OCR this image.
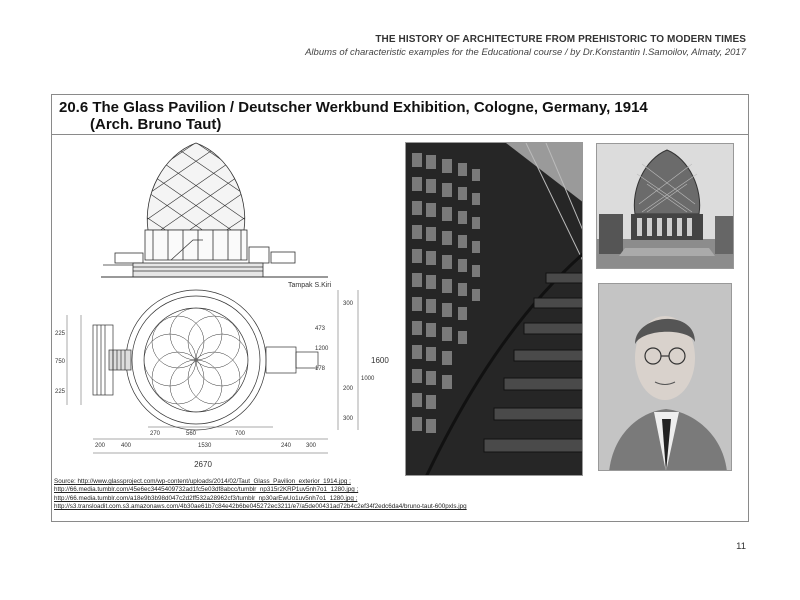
THE HISTORY OF ARCHITECTURE FROM PREHISTORIC TO MODERN TIMES
Albums of characteristic examples for the Educational course / by Dr.Konstantin I.Samoilov, Almaty, 2017
20.6 The Glass Pavilion / Deutscher Werkbund Exhibition, Cologne, Germany, 1914
(Arch. Bruno Taut)
Tampak S.Kiri
2670
1600
200	400
270	560	700
1530	240 300
300
300
1000
200
225
750
225
178
1200
473
Source: http://www.glassproject.com/wp-content/uploads/2014/02/Taut_Glass_Pavilion_exterior_1914.jpg ;
http://66.media.tumblr.com/45e6ec3445409732ad1fc5e03df8abcc/tumblr_np315r2KRP1uv5nh7o1_1280.jpg ;
http://66.media.tumblr.com/a18e9b3b98d047c2d2ff532a28962cf3/tumblr_np30arEwUo1uv5nh7o1_1280.jpg ;
http://s3.transloadit.com.s3.amazonaws.com/4b30ae61b7c84e42b6be045272ec3211/e7/a5de00431ad72b4c2ef34f2edc6da4/bruno-taut-600pxls.jpg
11
